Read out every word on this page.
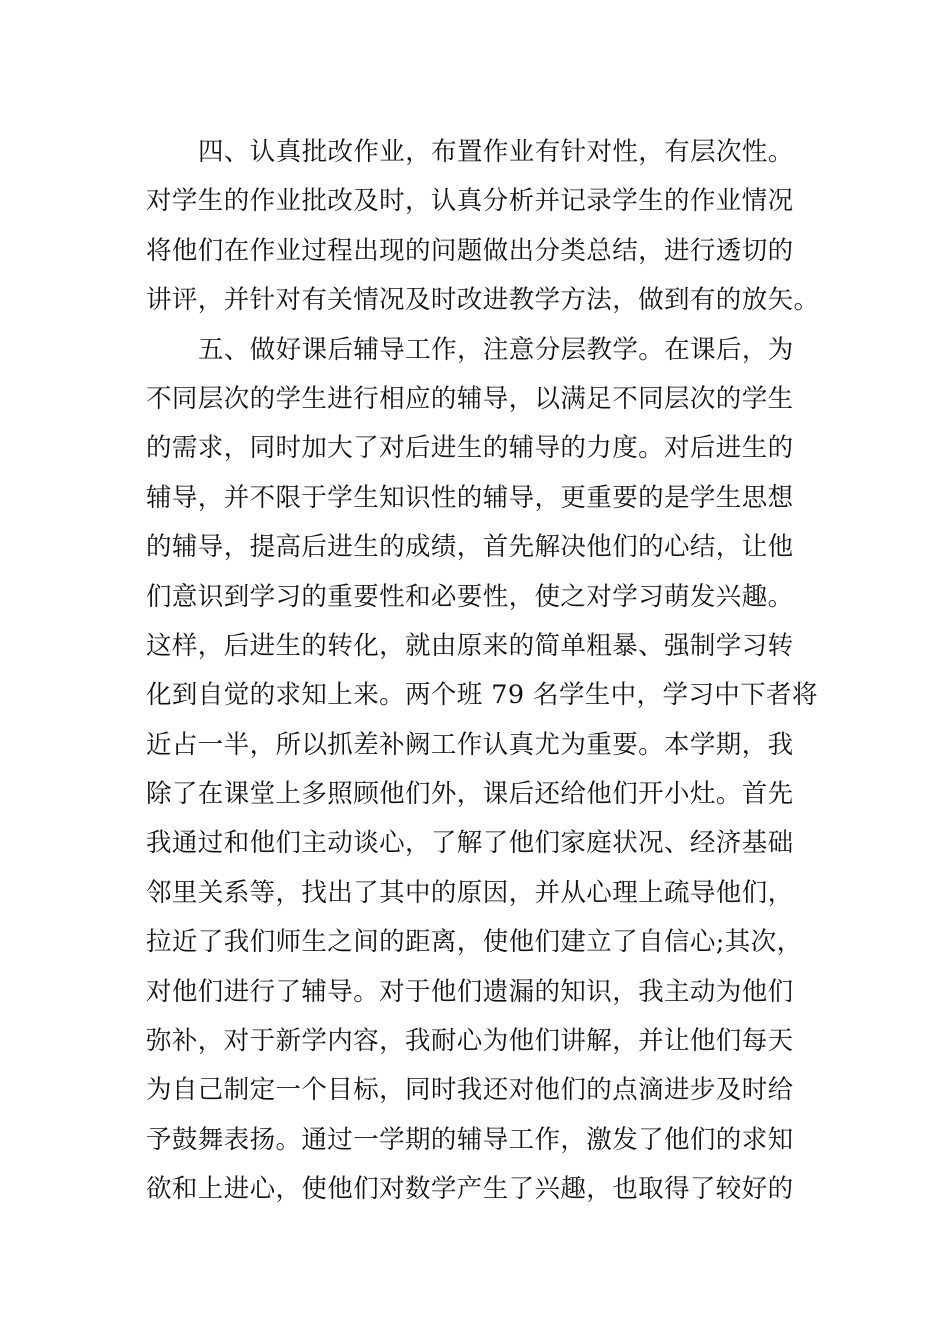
四、认真批改作业，布置作业有针对性，有层次性。
对学生的作业批改及时，认真分析并记录学生的作业情况
将他们在作业过程出现的问题做出分类总结，进行透切的
讲评，并针对有关情况及时改进教学方法，做到有的放矢。
五、做好课后辅导工作，注意分层教学。在课后，为
不同层次的学生进行相应的辅导，以满足不同层次的学生
的需求，同时加大了对后进生的辅导的力度。对后进生的
辅导，并不限于学生知识性的辅导，更重要的是学生思想
的辅导，提高后进生的成绩，首先解决他们的心结，让他
们意识到学习的重要性和必要性，使之对学习萌发兴趣。
这样，后进生的转化，就由原来的简单粗暴、强制学习转
化到自觉的求知上来。两个班 79 名学生中，学习中下者将
近占一半，所以抓差补阙工作认真尤为重要。本学期，我
除了在课堂上多照顾他们外，课后还给他们开小灶。首先
我通过和他们主动谈心，了解了他们家庭状况、经济基础
邻里关系等，找出了其中的原因，并从心理上疏导他们，
拉近了我们师生之间的距离，使他们建立了自信心;其次，
对他们进行了辅导。对于他们遗漏的知识，我主动为他们
弥补，对于新学内容，我耐心为他们讲解，并让他们每天
为自己制定一个目标，同时我还对他们的点滴进步及时给
予鼓舞表扬。通过一学期的辅导工作，激发了他们的求知
欲和上进心，使他们对数学产生了兴趣，也取得了较好的
